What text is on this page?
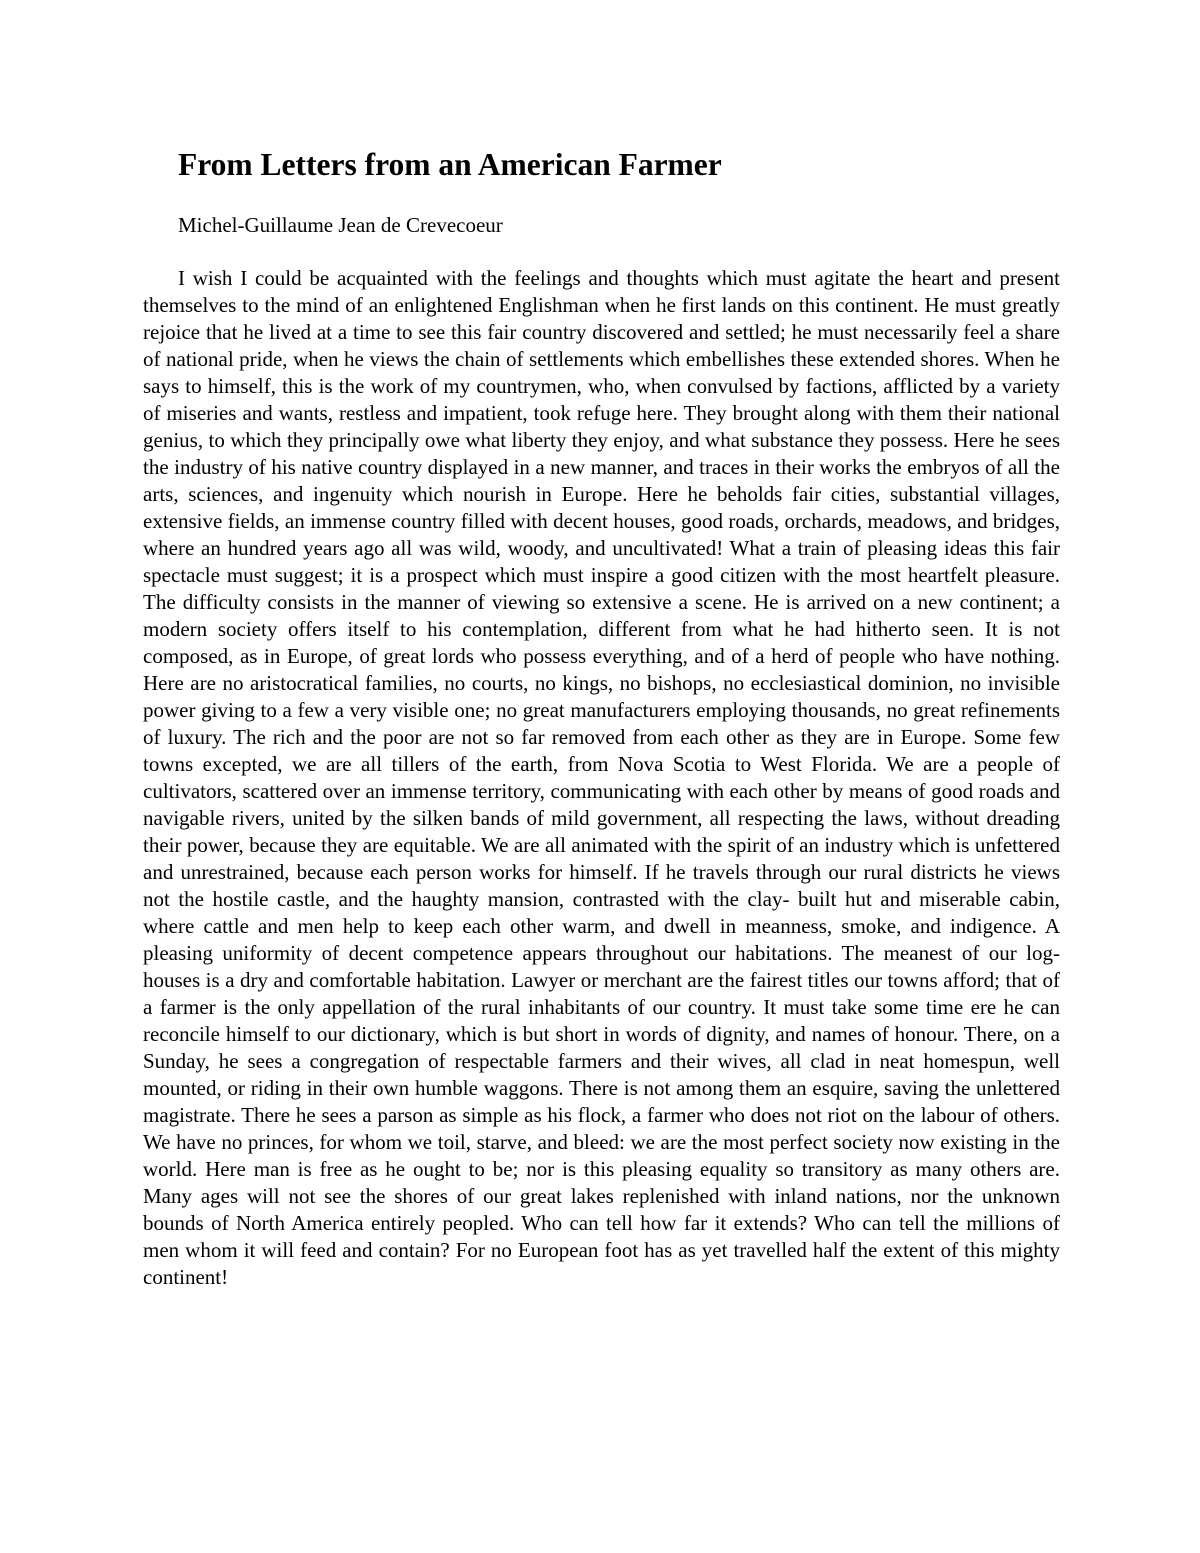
From Letters from an American Farmer

Michel-Guillaume Jean de Crevecoeur

I wish I could be acquainted with the feelings and thoughts which must agitate the heart and present themselves to the mind of an enlightened Englishman when he first lands on this continent. He must greatly rejoice that he lived at a time to see this fair country discovered and settled; he must necessarily feel a share of national pride, when he views the chain of settlements which embellishes these extended shores. When he says to himself, this is the work of my countrymen, who, when convulsed by factions, afflicted by a variety of miseries and wants, restless and impatient, took refuge here. They brought along with them their national genius, to which they principally owe what liberty they enjoy, and what substance they possess. Here he sees the industry of his native country displayed in a new manner, and traces in their works the embryos of all the arts, sciences, and ingenuity which nourish in Europe. Here he beholds fair cities, substantial villages, extensive fields, an immense country filled with decent houses, good roads, orchards, meadows, and bridges, where an hundred years ago all was wild, woody, and uncultivated! What a train of pleasing ideas this fair spectacle must suggest; it is a prospect which must inspire a good citizen with the most heartfelt pleasure. The difficulty consists in the manner of viewing so extensive a scene. He is arrived on a new continent; a modern society offers itself to his contemplation, different from what he had hitherto seen. It is not composed, as in Europe, of great lords who possess everything, and of a herd of people who have nothing. Here are no aristocratical families, no courts, no kings, no bishops, no ecclesiastical dominion, no invisible power giving to a few a very visible one; no great manufacturers employing thousands, no great refinements of luxury. The rich and the poor are not so far removed from each other as they are in Europe. Some few towns excepted, we are all tillers of the earth, from Nova Scotia to West Florida. We are a people of cultivators, scattered over an immense territory, communicating with each other by means of good roads and navigable rivers, united by the silken bands of mild government, all respecting the laws, without dreading their power, because they are equitable. We are all animated with the spirit of an industry which is unfettered and unrestrained, because each person works for himself. If he travels through our rural districts he views not the hostile castle, and the haughty mansion, contrasted with the clay- built hut and miserable cabin, where cattle and men help to keep each other warm, and dwell in meanness, smoke, and indigence. A pleasing uniformity of decent competence appears throughout our habitations. The meanest of our log-houses is a dry and comfortable habitation. Lawyer or merchant are the fairest titles our towns afford; that of a farmer is the only appellation of the rural inhabitants of our country. It must take some time ere he can reconcile himself to our dictionary, which is but short in words of dignity, and names of honour. There, on a Sunday, he sees a congregation of respectable farmers and their wives, all clad in neat homespun, well mounted, or riding in their own humble waggons. There is not among them an esquire, saving the unlettered magistrate. There he sees a parson as simple as his flock, a farmer who does not riot on the labour of others. We have no princes, for whom we toil, starve, and bleed: we are the most perfect society now existing in the world. Here man is free as he ought to be; nor is this pleasing equality so transitory as many others are. Many ages will not see the shores of our great lakes replenished with inland nations, nor the unknown bounds of North America entirely peopled. Who can tell how far it extends? Who can tell the millions of men whom it will feed and contain? For no European foot has as yet travelled half the extent of this mighty continent!
